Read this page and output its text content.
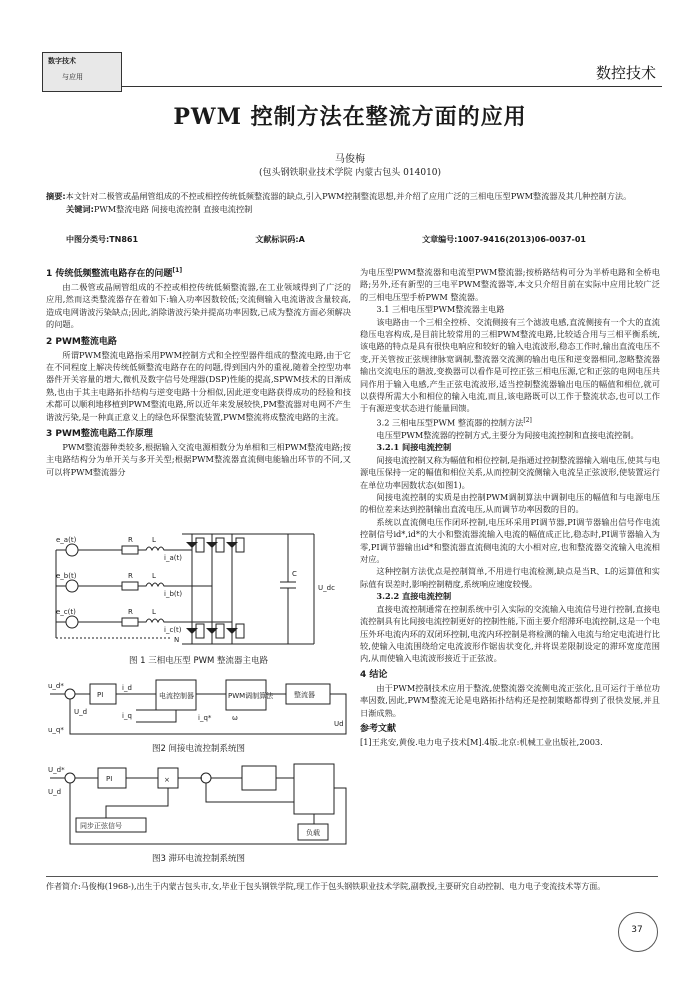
数字技术
与应用	数控技术
PWM 控制方法在整流方面的应用
马俊梅
(包头钢铁职业技术学院 内蒙古包头 014010)
摘要:本文针对二极管或晶闸管组成的不控或相控传统低频整流器的缺点,引入PWM控制整流思想,并介绍了应用广泛的三相电压型PWM整流器及其几种控制方法。
关键词:PWM整流电路 间接电流控制 直接电流控制
中图分类号:TN861	文献标识码:A	文章编号:1007-9416(2013)06-0037-01
1 传统低频整流电路存在的问题[1]

由二极管或晶闸管组成的不控或相控传统低频整流器,在工业领域得到了广泛的应用,然而这类整流器存在着如下:输入功率因数较低;交流侧输入电流谐波含量较高,造成电网谐波污染缺点;因此,消除谐波污染并提高功率因数,已成为整流方面必须解决的问题。

2 PWM整流电路

所谓PWM整流电路指采用PWM控制方式和全控型器件组成的整流电路,由于它在不同程度上解决传统低频整流电路存在的问题,得到国内外的重视,随着全控型功率器件开关容量的增大,微机及数字信号处理器(DSP)性能的提高,SPWM技术的日渐成熟,也由于其主电路拓扑结构与逆变电路十分相似,因此逆变电路获得成功的经验和技术都可以顺利地移植到PWM整流电路,所以近年来发展较快,PM整流器对电网不产生谐波污染,是一种真正意义上的绿色环保整流装置,PWM整流将成整流电路的主流。

3 PWM整流电路工作原理

PWM整流器种类较多,根据输入交流电源相数分为单相和三相PWM整流电路;按主电路结构分为单开关与多开关型;根据PWM整流器直流侧电能输出环节的不同,又可以将PWM整流器分

e_a(t)
e_b(t)
e_c(t)
R	L
R	L
R	L
i_a(t)
i_b(t)
i_c(t)
C
U_dc
N
图 1 三相电压型 PWM 整流器主电路
u_d*
U_d
PI
i_d
i_q
电流控制器	PWM调制算法	整流器
u_q*
i_q*	ω
Ud
图2 间接电流控制系统图
U_d*
U_d
PI	×
同步正弦信号
负载
图3 滞环电流控制系统图

为电压型PWM整流器和电流型PWM整流器;按桥路结构可分为半桥电路和全桥电路;另外,还有新型的三电平PWM整流器等,本文只介绍目前在实际中应用比较广泛的三相电压型手桥PWM 整流器。

3.1 三相电压型PWM整流器主电路

该电路由一个三相全控桥、交流侧接有三个滤波电感,直流侧接有一个大的直流稳压电容构成,是目前比较常用的三相PWM整流电路,比较适合用与三相平衡系统,该电路的特点是具有很快电响应和较好的输入电流波形,稳态工作时,输出直流电压不变,开关管按正弦规律脉宽调制,整流器交流测的输出电压和逆变器相同,忽略整流器输出交流电压的谐波,变换器可以看作是可控正弦三相电压源,它和正弦的电网电压共同作用于输入电感,产生正弦电流波形,适当控制整流器输出电压的幅值和相位,就可以获得所需大小和相位的输入电流,而且,该电路既可以工作于整流状态,也可以工作于有源逆变状态进行能量回馈。

3.2 三相电压型PWM 整流器的控制方法[2]

电压型PWM整流器的控制方式,主要分为间接电流控制和直接电流控制。

3.2.1 间接电流控制

间接电流控制又称为幅值和相位控制,是指通过控制整流器输入端电压,使其与电源电压保持一定的幅值和相位关系,从而控制交流侧输入电流呈正弦波形,使装置运行在单位功率因数状态(如图1)。

间接电流控制的实质是由控制PWM调制算法中调制电压的幅值和与电源电压的相位差来达到控制输出直流电压,从而调节功率因数的目的。

系统以直流侧电压作闭环控制,电压环采用PI调节器,PI调节器输出信号作电流控制信号id*,id*的大小和整流器流输入电流的幅值成正比,稳态时,PI调节器输入为零,PI调节器输出id*和整流器直流侧电流的大小相对应,也和整流器交流输入电流相对应。

这种控制方法优点是控制简单,不用进行电流检测,缺点是当R、L的运算值和实际值有误差时,影响控制精度,系统响应速度较慢。

3.2.2 直接电流控制

直接电流控制通常在控制系统中引入实际的交流输入电流信号进行控制,直接电流控制具有比间接电流控制更好的控制性能,下面主要介绍滞环电流控制,这是一个电压外环电流内环的双闭环控制,电流内环控制是将检测的输入电流与给定电流进行比较,使输入电流围绕给定电流波形作锯齿状变化,并将误差限制设定的滞环宽度范围内,从而使输入电流波形接近于正弦波。

4 结论

由于PWM控制技术应用于整流,使整流器交流侧电流正弦化,且可运行于单位功率因数,因此,PWM整流无论是电路拓扑结构还是控制策略都得到了很快发展,并且日渐成熟。

参考文献
[1]王兆安,黄俊.电力电子技术[M].4版.北京:机械工业出版社,2003.
作者简介:马俊梅(1968-),出生于内蒙古包头市,女,毕业于包头钢铁学院,现工作于包头钢铁职业技术学院,副教授,主要研究自动控制、电力电子变流技术等方面。
37
